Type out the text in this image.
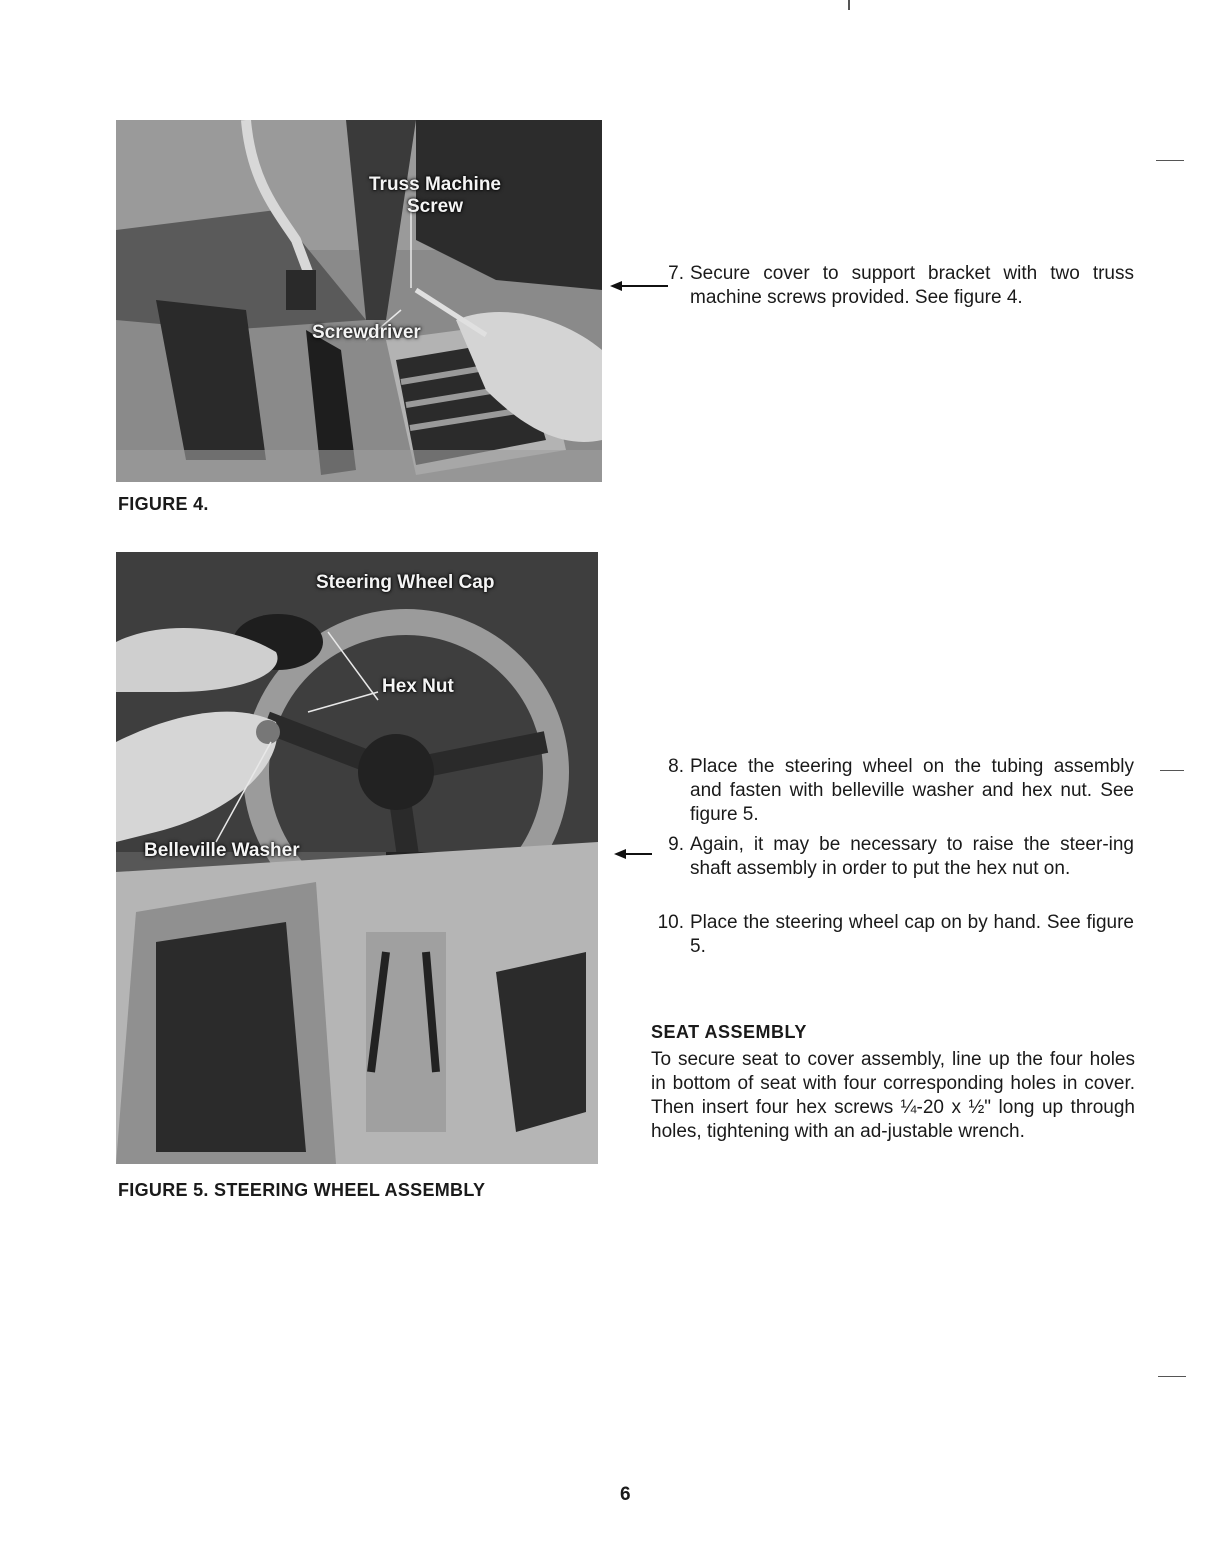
Truss Machine
Screw
Screwdriver
FIGURE 4.
Steering Wheel Cap
Hex Nut
Belleville Washer
FIGURE 5. STEERING WHEEL ASSEMBLY
7. Secure cover to support bracket with two truss machine screws provided. See figure 4.
8. Place the steering wheel on the tubing assembly and fasten with belleville washer and hex nut. See figure 5.
9. Again, it may be necessary to raise the steer-ing shaft assembly in order to put the hex nut on.
10. Place the steering wheel cap on by hand. See figure 5.
SEAT ASSEMBLY
To secure seat to cover assembly, line up the four holes in bottom of seat with four corresponding holes in cover. Then insert four hex screws ¼-20 x ½" long up through holes, tightening with an ad-justable wrench.
6
